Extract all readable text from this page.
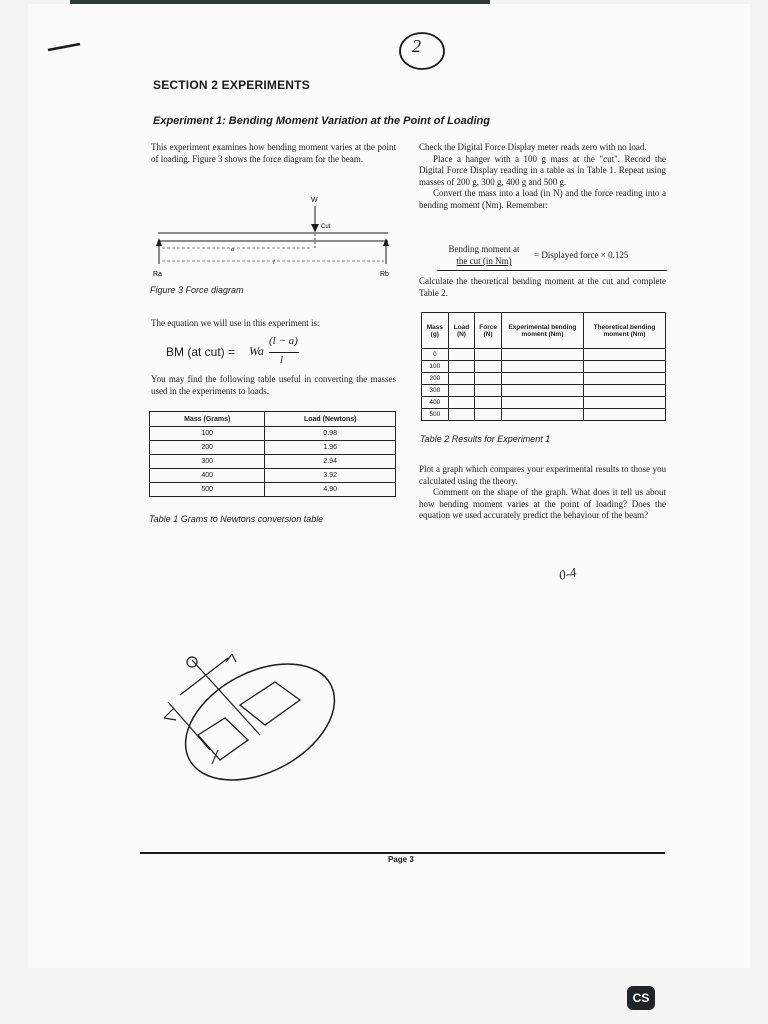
2
SECTION 2 EXPERIMENTS
Experiment 1: Bending Moment Variation at the Point of Loading

This experiment examines how bending moment varies at the point of loading. Figure 3 shows the force diagram for the beam.

W
Cut
a
l
Ra	Rb
Figure 3 Force diagram
The equation we will use in this experiment is:
BM (at cut) = Wa
(l − a)
l
You may find the following table useful in converting the masses used in the experiments to loads.
Mass (Grams)	Load (Newtons)
100	0.98
200	1.96
300	2.94
400	3.92
500	4.90
Table 1 Grams to Newtons conversion table

Check the Digital Force Display meter reads zero with no load.

Place a hanger with a 100 g mass at the "cut". Record the Digital Force Display reading in a table as in Table 1. Repeat using masses of 200 g, 300 g, 400 g and 500 g.

Convert the mass into a load (in N) and the force reading into a bending moment (Nm). Remember:

Bending moment at
the cut (in Nm)
= Displayed force × 0.125
Calculate the theoretical bending moment at the cut and complete Table 2.
Mass (g)	Load (N)	Force (N)	Experimental bending moment (Nm)	Theoretical bending moment (Nm)
0				
100				
200				
300				
400				
500				
Table 2 Results for Experiment 1

Plot a graph which compares your experimental results to those you calculated using the theory.

Comment on the shape of the graph. What does it tell us about how bending moment varies at the point of loading? Does the equation we used accurately predict the behaviour of the beam?

0-4
Page 3
CS
